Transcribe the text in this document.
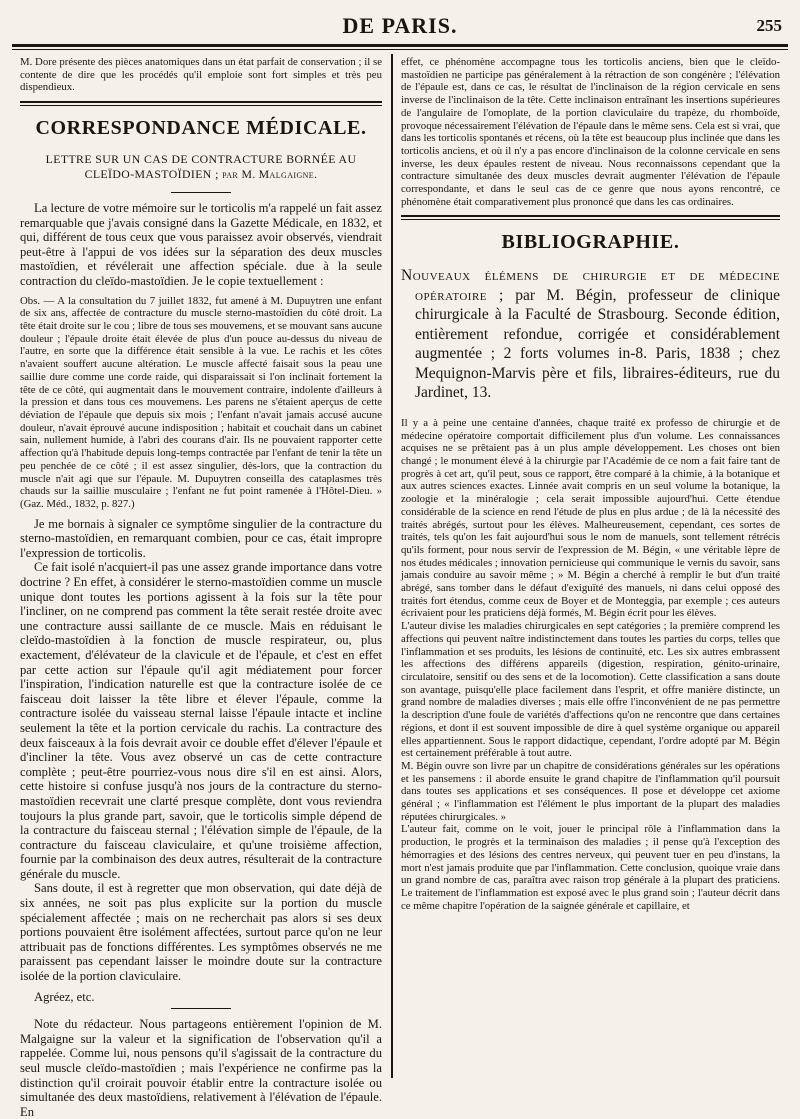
DE PARIS.	255

M. Dore présente des pièces anatomiques dans un état parfait de conservation ; il se contente de dire que les procédés qu'il emploie sont fort simples et très peu dispendieux.

CORRESPONDANCE MÉDICALE.
LETTRE SUR UN CAS DE CONTRACTURE BORNÉE AU CLEÏDO-MASTOÏDIEN ; par M. Malgaigne.

La lecture de votre mémoire sur le torticolis m'a rappelé un fait assez remarquable que j'avais consigné dans la Gazette Médicale, en 1832, et qui, différent de tous ceux que vous paraissez avoir observés, viendrait peut-être à l'appui de vos idées sur la séparation des deux muscles mastoïdien, et révélerait une affection spéciale. due à la seule contraction du cleïdo-mastoïdien. Je le copie textuellement :

Obs. — A la consultation du 7 juillet 1832, fut amené à M. Dupuytren une enfant de six ans, affectée de contracture du muscle sterno-mastoïdien du côté droit. La tête était droite sur le cou ; libre de tous ses mouvemens, et se mouvant sans aucune douleur ; l'épaule droite était élevée de plus d'un pouce au-dessus du niveau de l'autre, en sorte que la différence était sensible à la vue. Le rachis et les côtes n'avaient souffert aucune altération. Le muscle affecté faisait sous la peau une saillie dure comme une corde raide, qui disparaissait si l'on inclinait fortement la tête de ce côté, qui augmentait dans le mouvement contraire, indolente d'ailleurs à la pression et dans tous ces mouvemens. Les parens ne s'étaient aperçus de cette déviation de l'épaule que depuis six mois ; l'enfant n'avait jamais accusé aucune douleur, n'avait éprouvé aucune indisposition ; habitait et couchait dans un cabinet sain, nullement humide, à l'abri des courans d'air. Ils ne pouvaient rapporter cette affection qu'à l'habitude depuis long-temps contractée par l'enfant de tenir la tête un peu penchée de ce côté ; il est assez singulier, dès-lors, que la contraction du muscle n'ait agi que sur l'épaule. M. Dupuytren conseilla des cataplasmes très chauds sur la saillie musculaire ; l'enfant ne fut point ramenée à l'Hôtel-Dieu. » (Gaz. Méd., 1832, p. 827.)

Je me bornais à signaler ce symptôme singulier de la contracture du sterno-mastoïdien, en remarquant combien, pour ce cas, était impropre l'expression de torticolis.

Ce fait isolé n'acquiert-il pas une assez grande importance dans votre doctrine ? En effet, à considérer le sterno-mastoïdien comme un muscle unique dont toutes les portions agissent à la fois sur la tête pour l'incliner, on ne comprend pas comment la tête serait restée droite avec une contracture aussi saillante de ce muscle. Mais en réduisant le cleïdo-mastoïdien à la fonction de muscle respirateur, ou, plus exactement, d'élévateur de la clavicule et de l'épaule, et c'est en effet par cette action sur l'épaule qu'il agit médiatement pour forcer l'inspiration, l'indication naturelle est que la contracture isolée de ce faisceau doit laisser la tête libre et élever l'épaule, comme la contracture isolée du vaisseau sternal laisse l'épaule intacte et incline seulement la tête et la portion cervicale du rachis. La contracture des deux faisceaux à la fois devrait avoir ce double effet d'élever l'épaule et d'incliner la tête. Vous avez observé un cas de cette contracture complète ; peut-être pourriez-vous nous dire s'il en est ainsi. Alors, cette histoire si confuse jusqu'à nos jours de la contracture du sterno-mastoïdien recevrait une clarté presque complète, dont vous reviendra toujours la plus grande part, savoir, que le torticolis simple dépend de la contracture du faisceau sternal ; l'élévation simple de l'épaule, de la contracture du faisceau claviculaire, et qu'une troisième affection, fournie par la combinaison des deux autres, résulterait de la contracture générale du muscle.

Sans doute, il est à regretter que mon observation, qui date déjà de six années, ne soit pas plus explicite sur la portion du muscle spécialement affectée ; mais on ne recherchait pas alors si ses deux portions pouvaient être isolément affectées, surtout parce qu'on ne leur attribuait pas de fonctions différentes. Les symptômes observés ne me paraissent pas cependant laisser le moindre doute sur la contracture isolée de la portion claviculaire.

Agréez, etc.

Note du rédacteur. Nous partageons entièrement l'opinion de M. Malgaigne sur la valeur et la signification de l'observation qu'il a rappelée. Comme lui, nous pensons qu'il s'agissait de la contracture du seul muscle cleïdo-mastoïdien ; mais l'expérience ne confirme pas la distinction qu'il croirait pouvoir établir entre la contracture isolée ou simultanée des deux mastoïdiens, relativement à l'élévation de l'épaule. En

effet, ce phénomène accompagne tous les torticolis anciens, bien que le cleïdo-mastoïdien ne participe pas généralement à la rétraction de son congénère ; l'élévation de l'épaule est, dans ce cas, le résultat de l'inclinaison de la région cervicale en sens inverse de l'inclinaison de la tête. Cette inclinaison entraînant les insertions supérieures de l'angulaire de l'omoplate, de la portion claviculaire du trapèze, du rhomboïde, provoque nécessairement l'élévation de l'épaule dans le même sens. Cela est si vrai, que dans les torticolis spontanés et récens, où la tête est beaucoup plus inclinée que dans les torticolis anciens, et où il n'y a pas encore d'inclinaison de la colonne cervicale en sens inverse, les deux épaules restent de niveau. Nous reconnaissons cependant que la contracture simultanée des deux muscles devrait augmenter l'élévation de l'épaule correspondante, et dans le seul cas de ce genre que nous ayons rencontré, ce phénomène était comparativement plus prononcé que dans les cas ordinaires.

BIBLIOGRAPHIE.
Nouveaux élémens de chirurgie et de médecine opératoire ; par M. Bégin, professeur de clinique chirurgicale à la Faculté de Strasbourg. Seconde édition, entièrement refondue, corrigée et considérablement augmentée ; 2 forts volumes in-8. Paris, 1838 ; chez Mequignon-Marvis père et fils, libraires-éditeurs, rue du Jardinet, 13.

Il y a à peine une centaine d'années, chaque traité ex professo de chirurgie et de médecine opératoire comportait difficilement plus d'un volume. Les connaissances acquises ne se prêtaient pas à un plus ample développement. Les choses ont bien changé ; le monument élevé à la chirurgie par l'Académie de ce nom a fait faire tant de progrès à cet art, qu'il peut, sous ce rapport, être comparé à la chimie, à la botanique et aux autres sciences exactes. Linnée avait compris en un seul volume la botanique, la zoologie et la minéralogie ; cela serait impossible aujourd'hui. Cette étendue considérable de la science en rend l'étude de plus en plus ardue ; de là la nécessité des traités abrégés, surtout pour les élèves. Malheureusement, cependant, ces sortes de traités, tels qu'on les fait aujourd'hui sous le nom de manuels, sont tellement rétrécis qu'ils forment, pour nous servir de l'expression de M. Bégin, « une véritable lèpre de nos études médicales ; innovation pernicieuse qui communique le vernis du savoir, sans jamais conduire au savoir même ; » M. Bégin a cherché à remplir le but d'un traité abrégé, sans tomber dans le défaut d'exiguïté des manuels, ni dans celui opposé des traités fort étendus, comme ceux de Boyer et de Monteggia, par exemple ; ces auteurs écrivaient pour les praticiens déjà formés, M. Bégin écrit pour les élèves.

L'auteur divise les maladies chirurgicales en sept catégories ; la première comprend les affections qui peuvent naître indistinctement dans toutes les parties du corps, telles que l'inflammation et ses produits, les lésions de continuité, etc. Les six autres embrassent les affections des différens appareils (digestion, respiration, génito-urinaire, circulatoire, sensitif ou des sens et de la locomotion). Cette classification a sans doute son avantage, puisqu'elle place facilement dans l'esprit, et offre manière distincte, un grand nombre de maladies diverses ; mais elle offre l'inconvénient de ne pas permettre la description d'une foule de variétés d'affections qu'on ne rencontre que dans certaines régions, et dont il est souvent impossible de dire à quel système organique ou appareil elles appartiennent. Sous le rapport didactique, cependant, l'ordre adopté par M. Bégin est certainement préférable à tout autre.

M. Bégin ouvre son livre par un chapitre de considérations générales sur les opérations et les pansemens : il aborde ensuite le grand chapitre de l'inflammation qu'il poursuit dans toutes ses applications et ses conséquences. Il pose et développe cet axiome général ; « l'inflammation est l'élément le plus important de la plupart des maladies réputées chirurgicales. »

L'auteur fait, comme on le voit, jouer le principal rôle à l'inflammation dans la production, le progrès et la terminaison des maladies ; il pense qu'à l'exception des hémorragies et des lésions des centres nerveux, qui peuvent tuer en peu d'instans, la mort n'est jamais produite que par l'inflammation. Cette conclusion, quoique vraie dans un grand nombre de cas, paraîtra avec raison trop générale à la plupart des praticiens. Le traitement de l'inflammation est exposé avec le plus grand soin ; l'auteur décrit dans ce même chapitre l'opération de la saignée générale et capillaire, et
